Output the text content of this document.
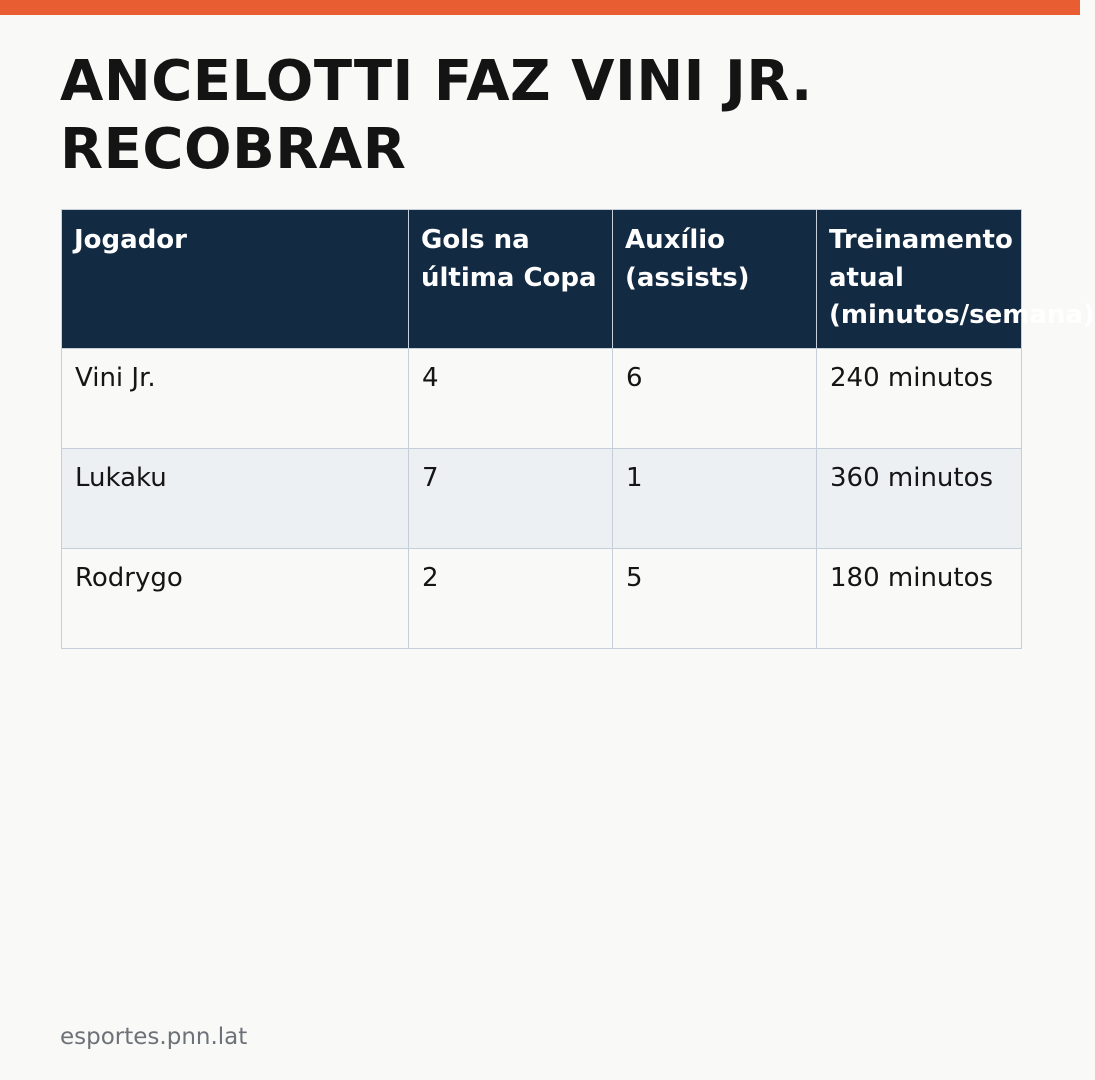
ANCELOTTI FAZ VINI JR. RECOBRAR
Jogador	Gols na última Copa	Auxílio (assists)	Treinamento atual (minutos/semana)

Vini Jr.	4	6	240 minutos
Lukaku	7	1	360 minutos
Rodrygo	2	5	180 minutos
esportes.pnn.lat
